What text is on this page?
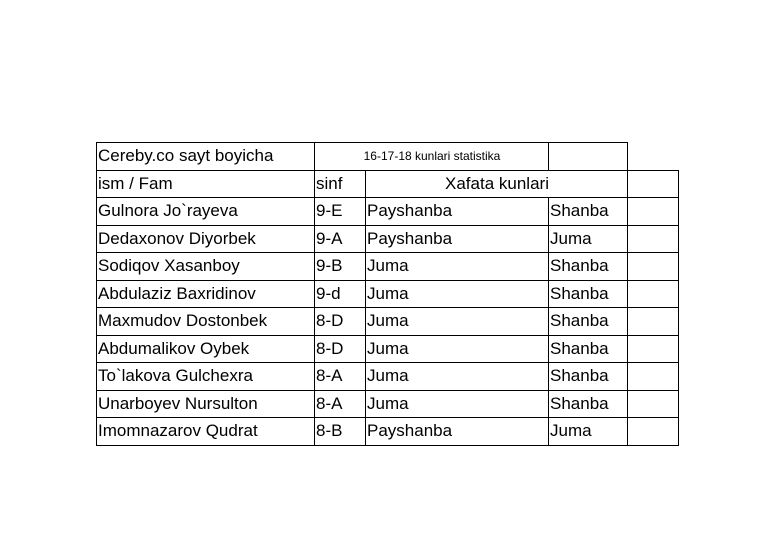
Cereby.co sayt boyicha	16-17-18 kunlari statistika			
ism / Fam	sinf	Xafata kunlari		
Gulnora Jo`rayeva	9-E	Payshanba	Shanba	
Dedaxonov Diyorbek	9-A	Payshanba	Juma	
Sodiqov Xasanboy	9-B	Juma	Shanba	
Abdulaziz Baxridinov	9-d	Juma	Shanba	
Maxmudov Dostonbek	8-D	Juma	Shanba	
Abdumalikov Oybek	8-D	Juma	Shanba	
To`lakova Gulchexra	8-A	Juma	Shanba	
Unarboyev Nursulton	8-A	Juma	Shanba	
Imomnazarov Qudrat	8-B	Payshanba	Juma	
